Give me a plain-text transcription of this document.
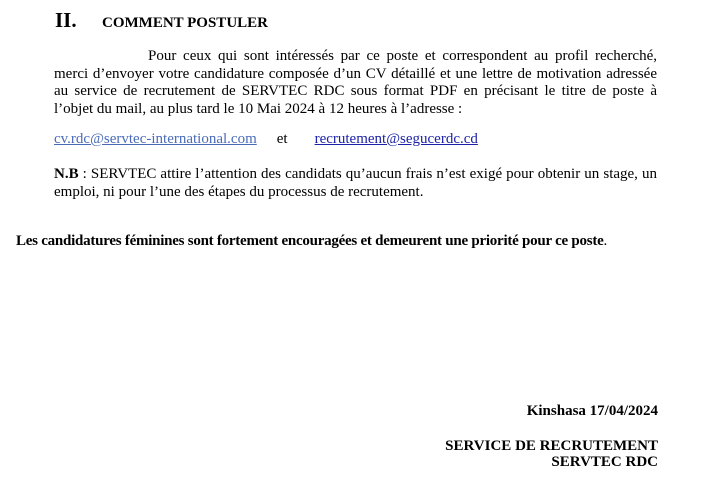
II.	COMMENT POSTULER

Pour ceux qui sont intéressés par ce poste et correspondent au profil recherché, merci d’envoyer votre candidature composée d’un CV détaillé et une lettre de motivation adressée au service de recrutement de SERVTEC RDC sous format PDF en précisant le titre de poste à l’objet du mail, au plus tard le 10 Mai 2024 à 12 heures à l’adresse :

cv.rdc@servtec-international.com et recrutement@segucerdc.cd

N.B : SERVTEC attire l’attention des candidats qu’aucun frais n’est exigé pour obtenir un stage, un emploi, ni pour l’une des étapes du processus de recrutement.

Les candidatures féminines sont fortement encouragées et demeurent une priorité pour ce poste.
Kinshasa 17/04/2024
SERVICE DE RECRUTEMENT
SERVTEC RDC
